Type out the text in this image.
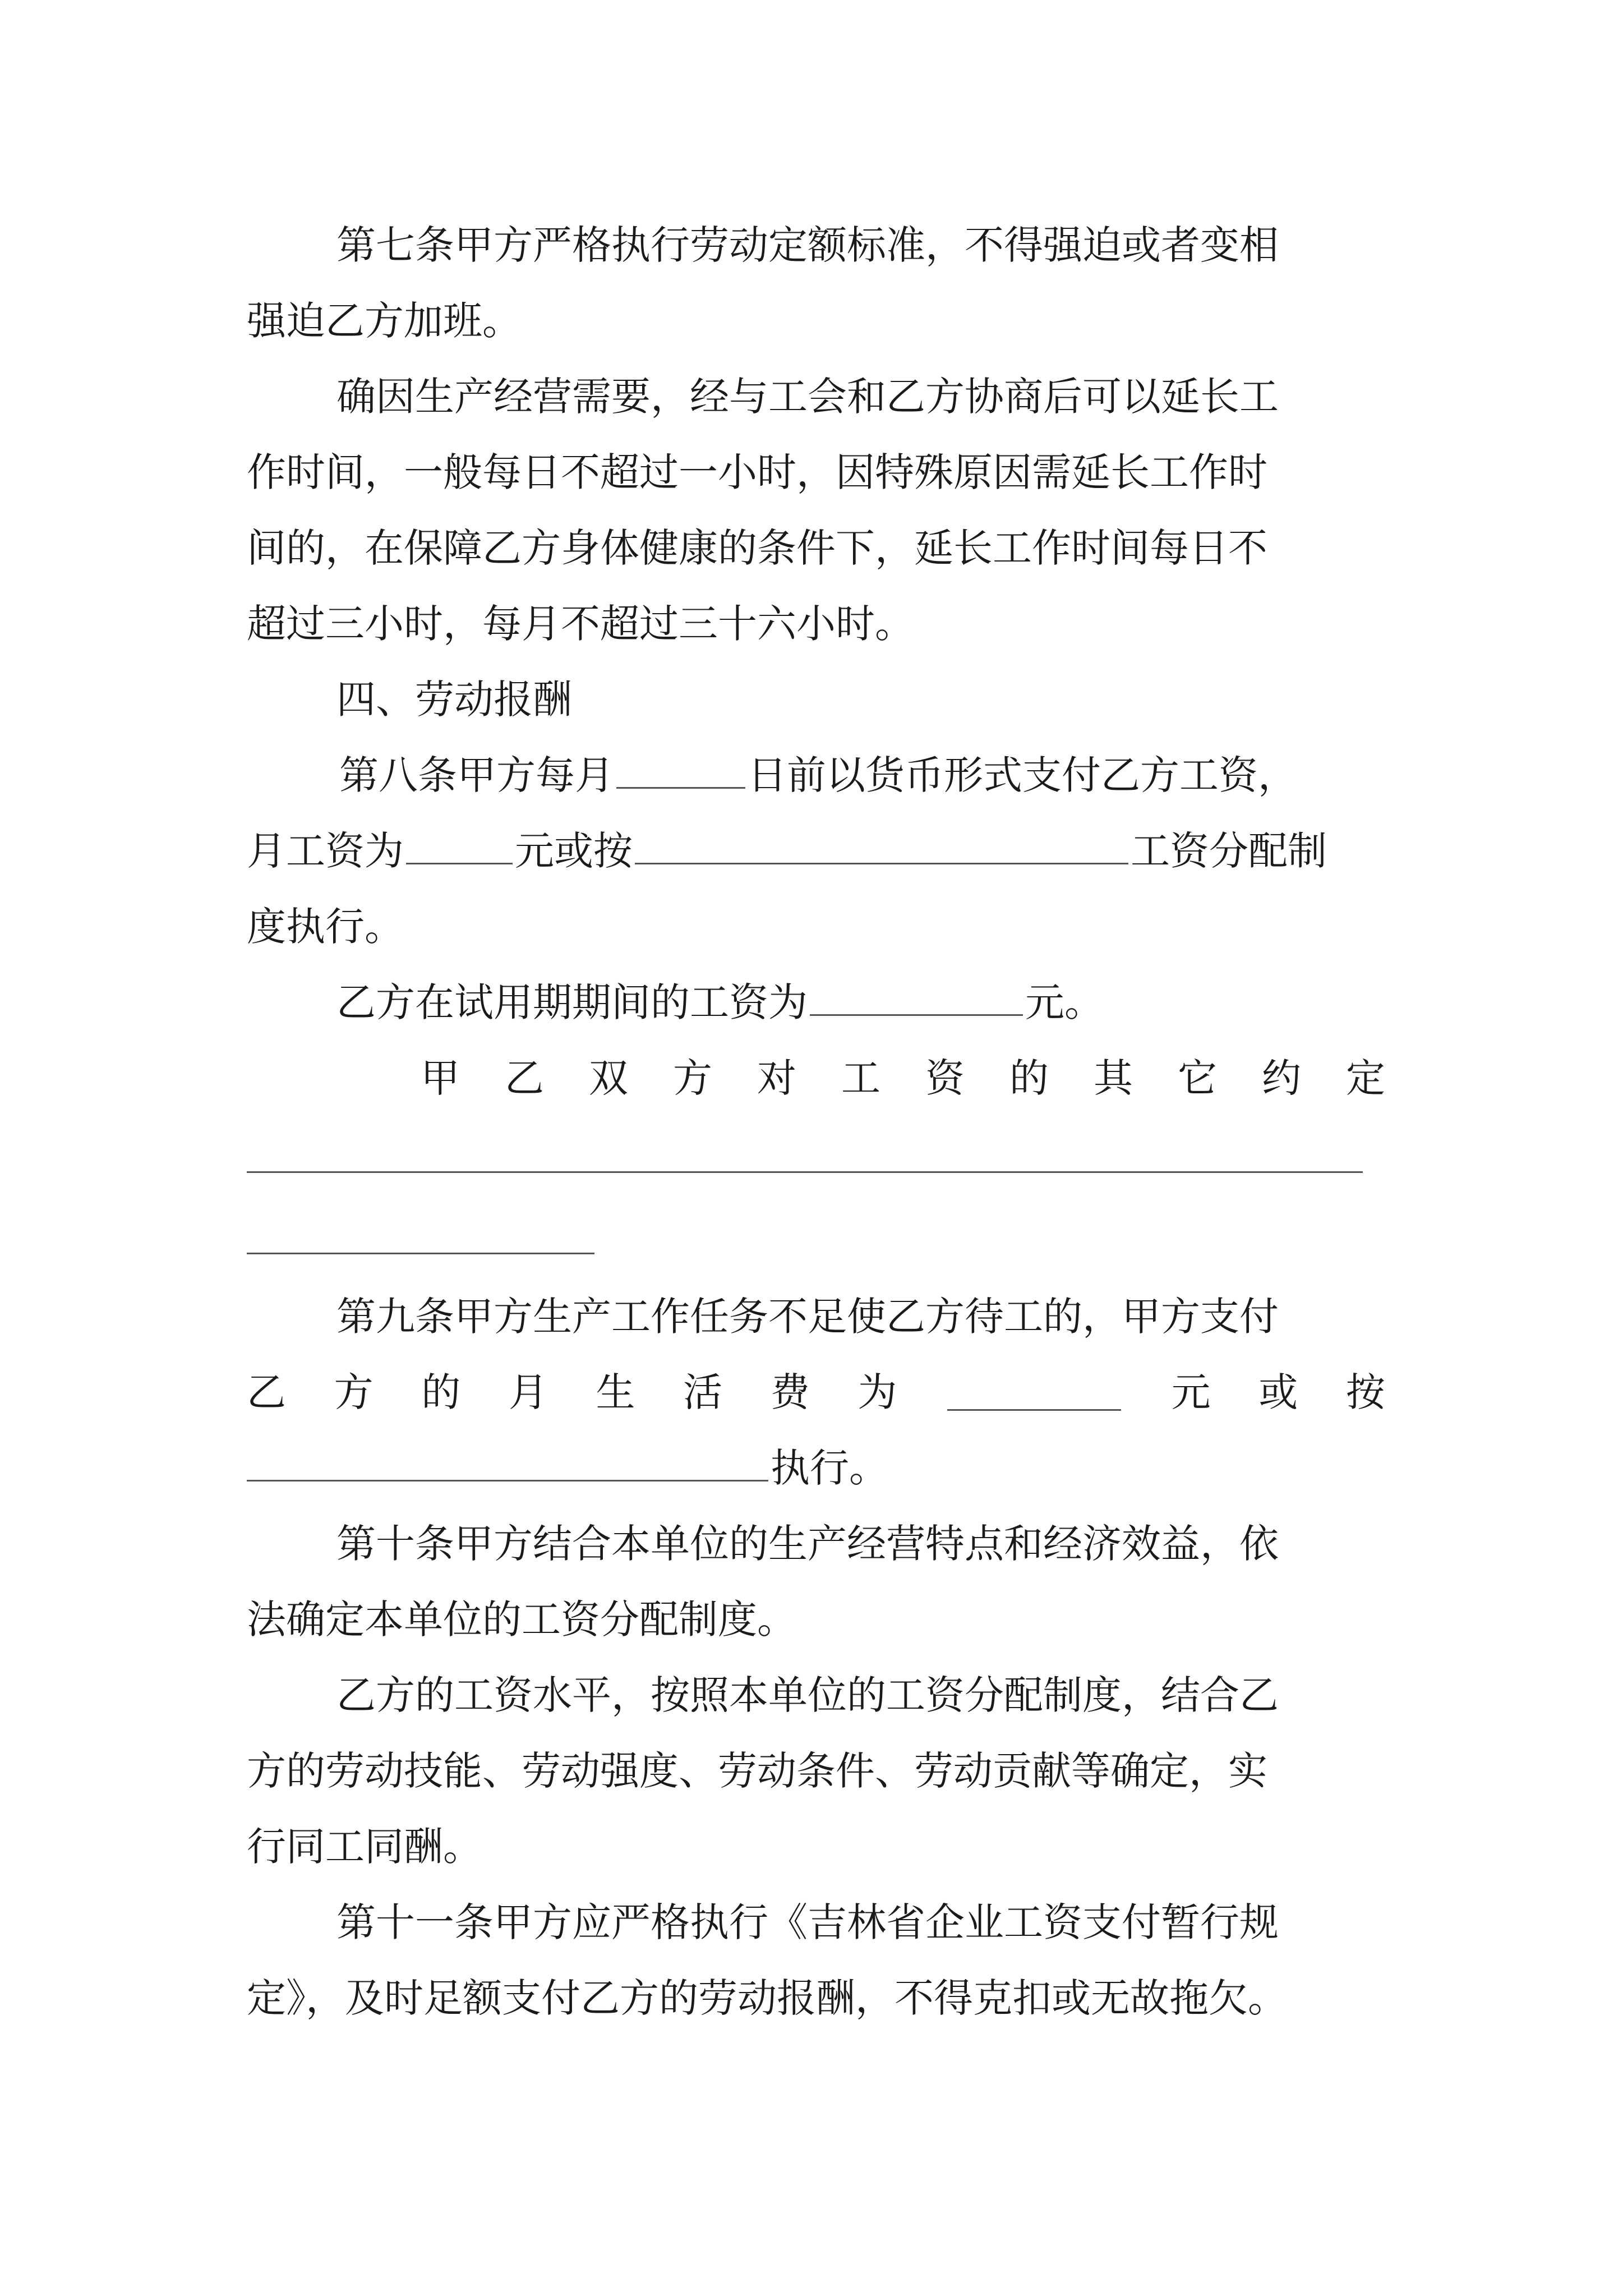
第七条甲方严格执行劳动定额标准，不得强迫或者变相
强迫乙方加班。
确因生产经营需要，经与工会和乙方协商后可以延长工
作时间，一般每日不超过一小时，因特殊原因需延长工作时
间的，在保障乙方身体健康的条件下，延长工作时间每日不
超过三小时，每月不超过三十六小时。
四、劳动报酬
第八条甲方每月	日前以货币形式支付乙方工资，
月工资为	元或按	工资分配制
度执行。
乙方在试用期期间的工资为	元。
甲 乙 双 方 对 工 资 的 其 它 约 定
第九条甲方生产工作任务不足使乙方待工的，甲方支付
乙 方 的 月 生 活 费 为	元 或 按
执行。
第十条甲方结合本单位的生产经营特点和经济效益，依
法确定本单位的工资分配制度。
乙方的工资水平，按照本单位的工资分配制度，结合乙
方的劳动技能、劳动强度、劳动条件、劳动贡献等确定，实
行同工同酬。
第十一条甲方应严格执行《吉林省企业工资支付暂行规
定》，及时足额支付乙方的劳动报酬，不得克扣或无故拖欠。
